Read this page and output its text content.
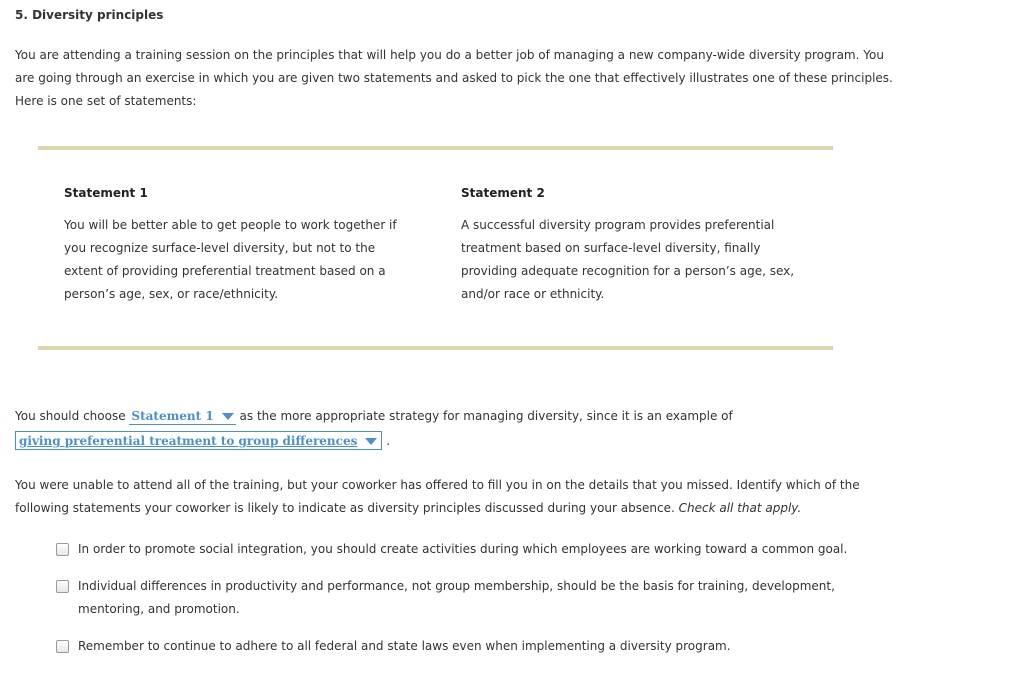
5. Diversity principles
You are attending a training session on the principles that will help you do a better job of managing a new company-wide diversity program. You are going through an exercise in which you are given two statements and asked to pick the one that effectively illustrates one of these principles. Here is one set of statements:
Statement 1
You will be better able to get people to work together if you recognize surface-level diversity, but not to the extent of providing preferential treatment based on a person’s age, sex, or race/ethnicity.
Statement 2
A successful diversity program provides preferential treatment based on surface-level diversity, finally providing adequate recognition for a person’s age, sex, and/or race or ethnicity.
You should choose Statement 1 as the more appropriate strategy for managing diversity, since it is an example of
giving preferential treatment to group differences .
You were unable to attend all of the training, but your coworker has offered to fill you in on the details that you missed. Identify which of the following statements your coworker is likely to indicate as diversity principles discussed during your absence. Check all that apply.
In order to promote social integration, you should create activities during which employees are working toward a common goal.
Individual differences in productivity and performance, not group membership, should be the basis for training, development, mentoring, and promotion.
Remember to continue to adhere to all federal and state laws even when implementing a diversity program.
